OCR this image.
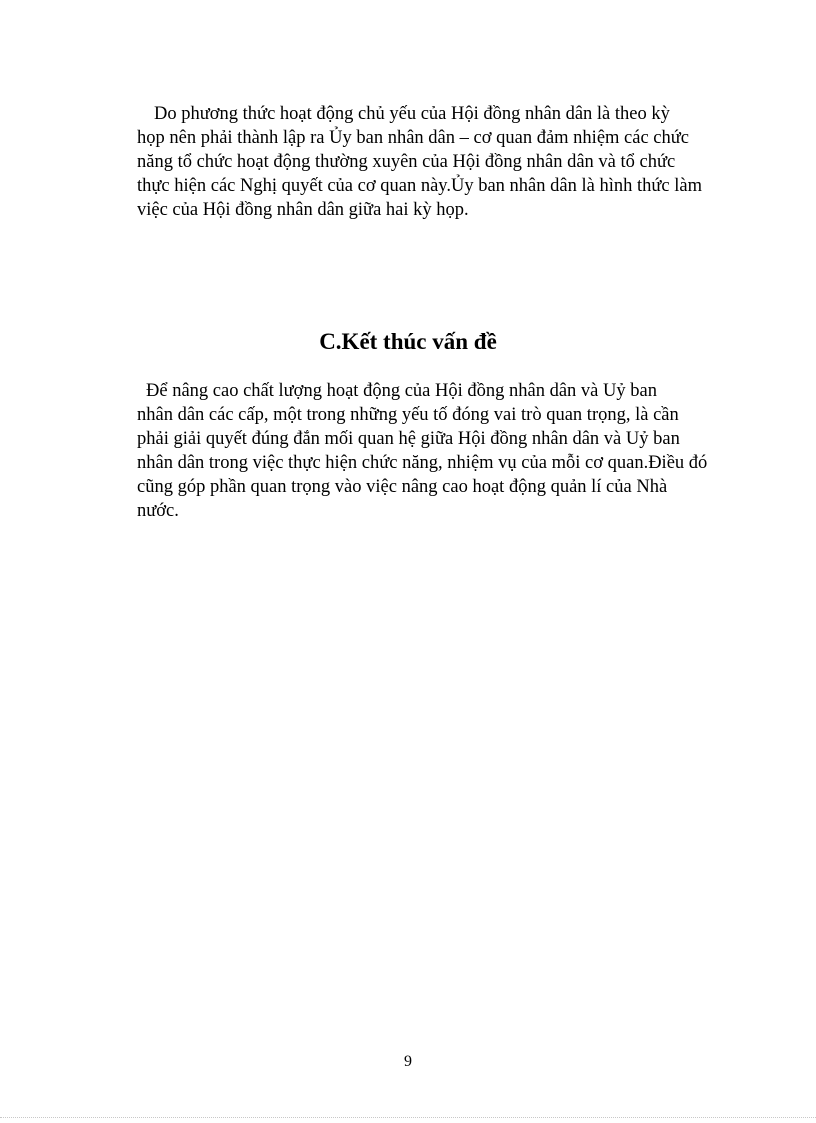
Do phương thức hoạt động chủ yếu của Hội đồng nhân dân là theo kỳ
họp nên phải thành lập ra Ủy ban nhân dân – cơ quan đảm nhiệm các chức
năng tổ chức hoạt động thường xuyên của Hội đồng nhân dân và tổ chức
thực hiện các Nghị quyết của cơ quan này.Ủy ban nhân dân là hình thức làm
việc của Hội đồng nhân dân giữa hai kỳ họp.
C.Kết thúc vấn đề
Để nâng cao chất lượng hoạt động của Hội đồng nhân dân và Uỷ ban
nhân dân các cấp, một trong những yếu tố đóng vai trò quan trọng, là cần
phải giải quyết đúng đắn mối quan hệ giữa Hội đồng nhân dân và Uỷ ban
nhân dân trong việc thực hiện chức năng, nhiệm vụ của mỗi cơ quan.Điều đó
cũng góp phần quan trọng vào việc nâng cao hoạt động quản lí của Nhà
nước.
9
